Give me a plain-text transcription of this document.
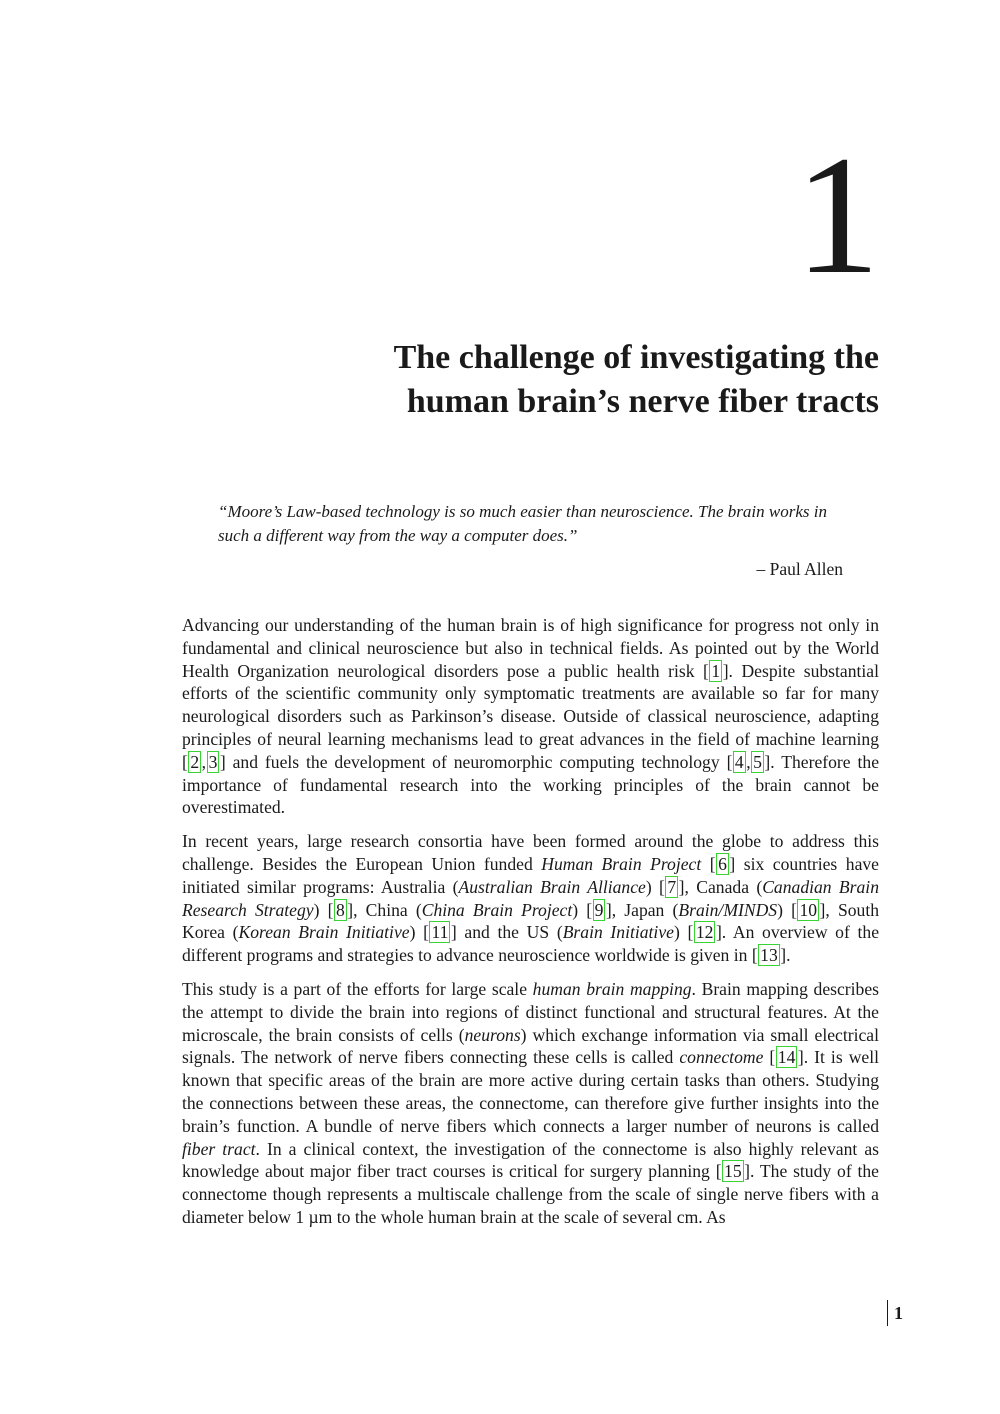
1
The challenge of investigating the
human brain’s nerve fiber tracts
“Moore’s Law-based technology is so much easier than neuroscience. The brain works in such a different way from the way a computer does.”
– Paul Allen

Advancing our understanding of the human brain is of high significance for progress not only in fundamental and clinical neuroscience but also in technical fields. As pointed out by the World Health Organization neurological disorders pose a public health risk [ 1 ]. Despite substantial efforts of the scientific community only symptomatic treatments are available so far for many neurological disorders such as Parkinson’s disease. Outside of classical neuroscience, adapting principles of neural learning mechanisms lead to great advances in the field of machine learning [ 2 , 3 ] and fuels the development of neuromorphic computing technology [ 4 , 5 ]. Therefore the importance of fundamental research into the working principles of the brain cannot be overestimated.

In recent years, large research consortia have been formed around the globe to address this challenge. Besides the European Union funded Human Brain Project [ 6 ] six countries have initiated similar programs: Australia (Australian Brain Alliance) [ 7 ], Canada (Canadian Brain Research Strategy) [ 8 ], China (China Brain Project) [ 9 ], Japan (Brain/MINDS) [ 10 ], South Korea (Korean Brain Initiative) [ 11 ] and the US (Brain Initiative) [ 12 ]. An overview of the different programs and strategies to advance neuroscience worldwide is given in [ 13 ].

This study is a part of the efforts for large scale human brain mapping. Brain mapping describes the attempt to divide the brain into regions of distinct functional and structural features. At the microscale, the brain consists of cells (neurons) which exchange information via small electrical signals. The network of nerve fibers connecting these cells is called connectome [ 14 ]. It is well known that specific areas of the brain are more active during certain tasks than others. Studying the connections between these areas, the connectome, can therefore give further insights into the brain’s function. A bundle of nerve fibers which connects a larger number of neurons is called fiber tract. In a clinical context, the investigation of the connectome is also highly relevant as knowledge about major fiber tract courses is critical for surgery planning [ 15 ]. The study of the connectome though represents a multiscale challenge from the scale of single nerve fibers with a diameter below 1 µm to the whole human brain at the scale of several cm. As

1
